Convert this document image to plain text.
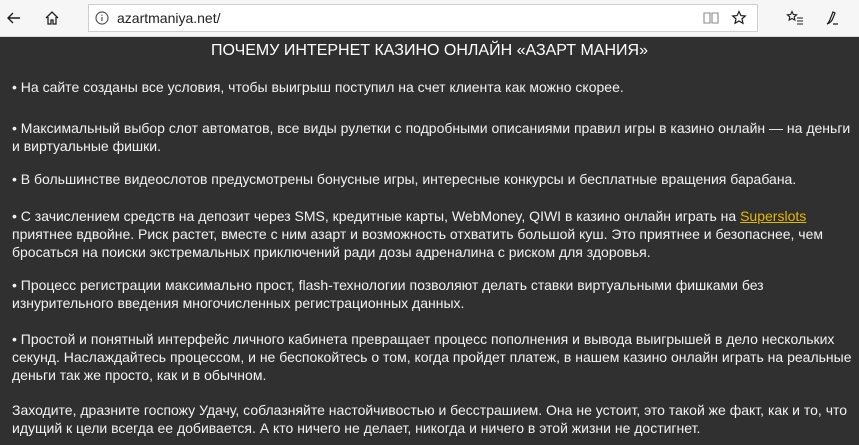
azartmaniya.net/
ПОЧЕМУ ИНТЕРНЕТ КАЗИНО ОНЛАЙН «АЗАРТ МАНИЯ»
• На сайте созданы все условия, чтобы выигрыш поступил на счет клиента как можно скорее.
• Максимальный выбор слот автоматов, все виды рулетки с подробными описаниями правил игры в казино онлайн — на деньги и виртуальные фишки.
• В большинстве видеослотов предусмотрены бонусные игры, интересные конкурсы и бесплатные вращения барабана.
• С зачислением средств на депозит через SMS, кредитные карты, WebMoney, QIWI в казино онлайн играть на Superslots приятнее вдвойне. Риск растет, вместе с ним азарт и возможность отхватить большой куш. Это приятнее и безопаснее, чем бросаться на поиски экстремальных приключений ради дозы адреналина с риском для здоровья.
• Процесс регистрации максимально прост, flash-технологии позволяют делать ставки виртуальными фишками без изнурительного введения многочисленных регистрационных данных.
• Простой и понятный интерфейс личного кабинета превращает процесс пополнения и вывода выигрышей в дело нескольких секунд. Наслаждайтесь процессом, и не беспокойтесь о том, когда пройдет платеж, в нашем казино онлайн играть на реальные деньги так же просто, как и в обычном.
Заходите, дразните госпожу Удачу, соблазняйте настойчивостью и бесстрашием. Она не устоит, это такой же факт, как и то, что идущий к цели всегда ее добивается. А кто ничего не делает, никогда и ничего в этой жизни не достигнет.
